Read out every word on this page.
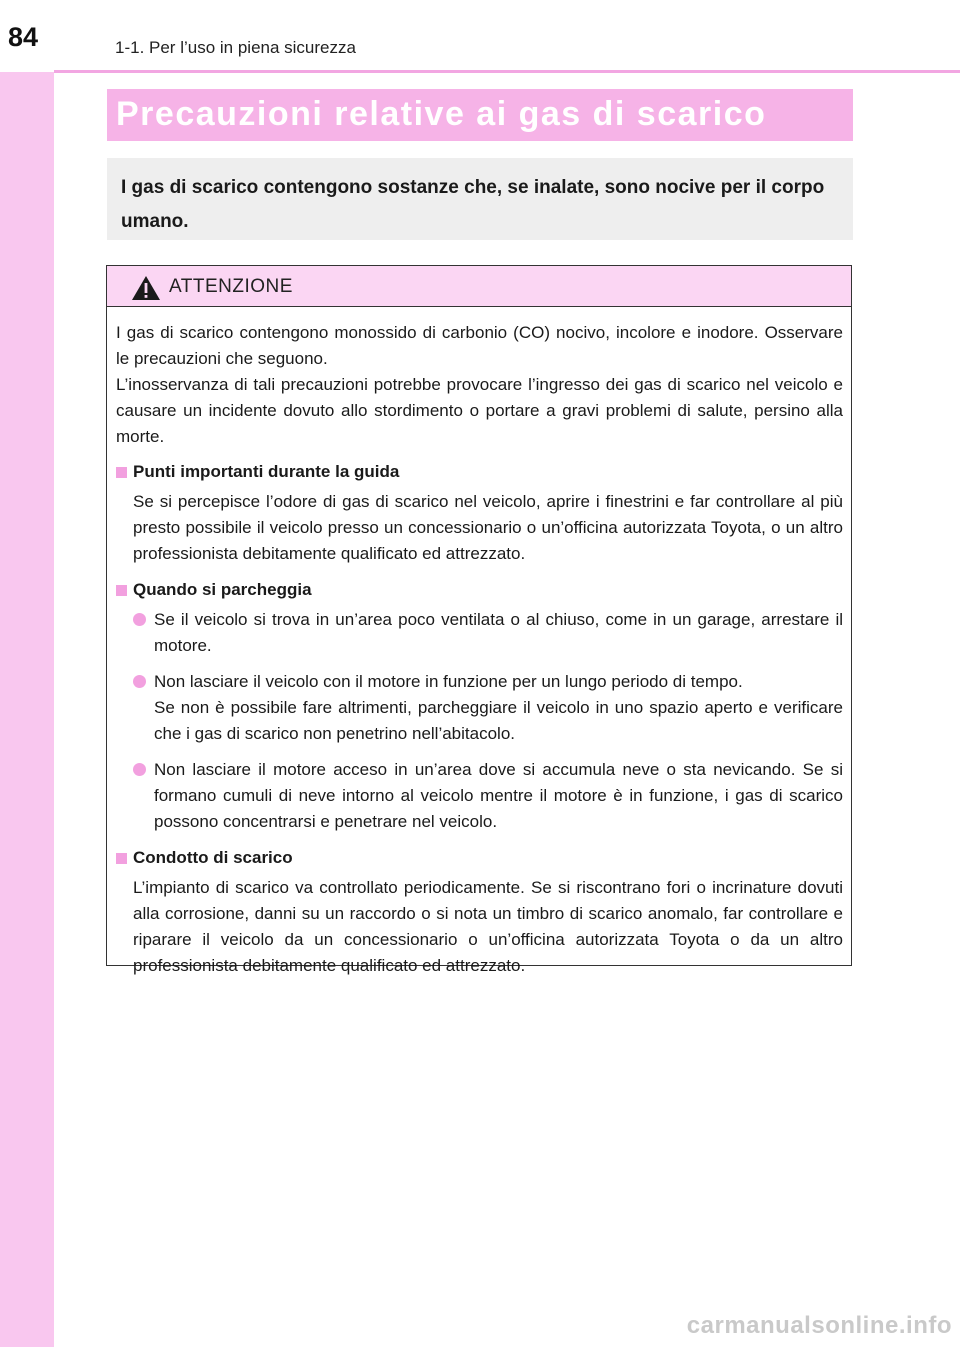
84	1-1. Per l’uso in piena sicurezza
Precauzioni relative ai gas di scarico
I gas di scarico contengono sostanze che, se inalate, sono nocive per il corpo umano.
ATTENZIONE

I gas di scarico contengono monossido di carbonio (CO) nocivo, incolore e inodore. Osservare le precauzioni che seguono.
L’inosservanza di tali precauzioni potrebbe provocare l’ingresso dei gas di scarico nel veicolo e causare un incidente dovuto allo stordimento o portare a gravi problemi di salute, persino alla morte.

Punti importanti durante la guida
Se si percepisce l’odore di gas di scarico nel veicolo, aprire i finestrini e far controllare al più presto possibile il veicolo presso un concessionario o un’officina autorizzata Toyota, o un altro professionista debitamente qualificato ed attrezzato.
Quando si parcheggia
Se il veicolo si trova in un’area poco ventilata o al chiuso, come in un garage, arrestare il motore.
Non lasciare il veicolo con il motore in funzione per un lungo periodo di tempo.
Se non è possibile fare altrimenti, parcheggiare il veicolo in uno spazio aperto e verificare che i gas di scarico non penetrino nell’abitacolo.
Non lasciare il motore acceso in un’area dove si accumula neve o sta nevicando. Se si formano cumuli di neve intorno al veicolo mentre il motore è in funzione, i gas di scarico possono concentrarsi e penetrare nel veicolo.
Condotto di scarico
L’impianto di scarico va controllato periodicamente. Se si riscontrano fori o incrinature dovuti alla corrosione, danni su un raccordo o si nota un timbro di scarico anomalo, far controllare e riparare il veicolo da un concessionario o un’officina autorizzata Toyota o da un altro professionista debitamente qualificato ed attrezzato.
carmanualsonline.info
